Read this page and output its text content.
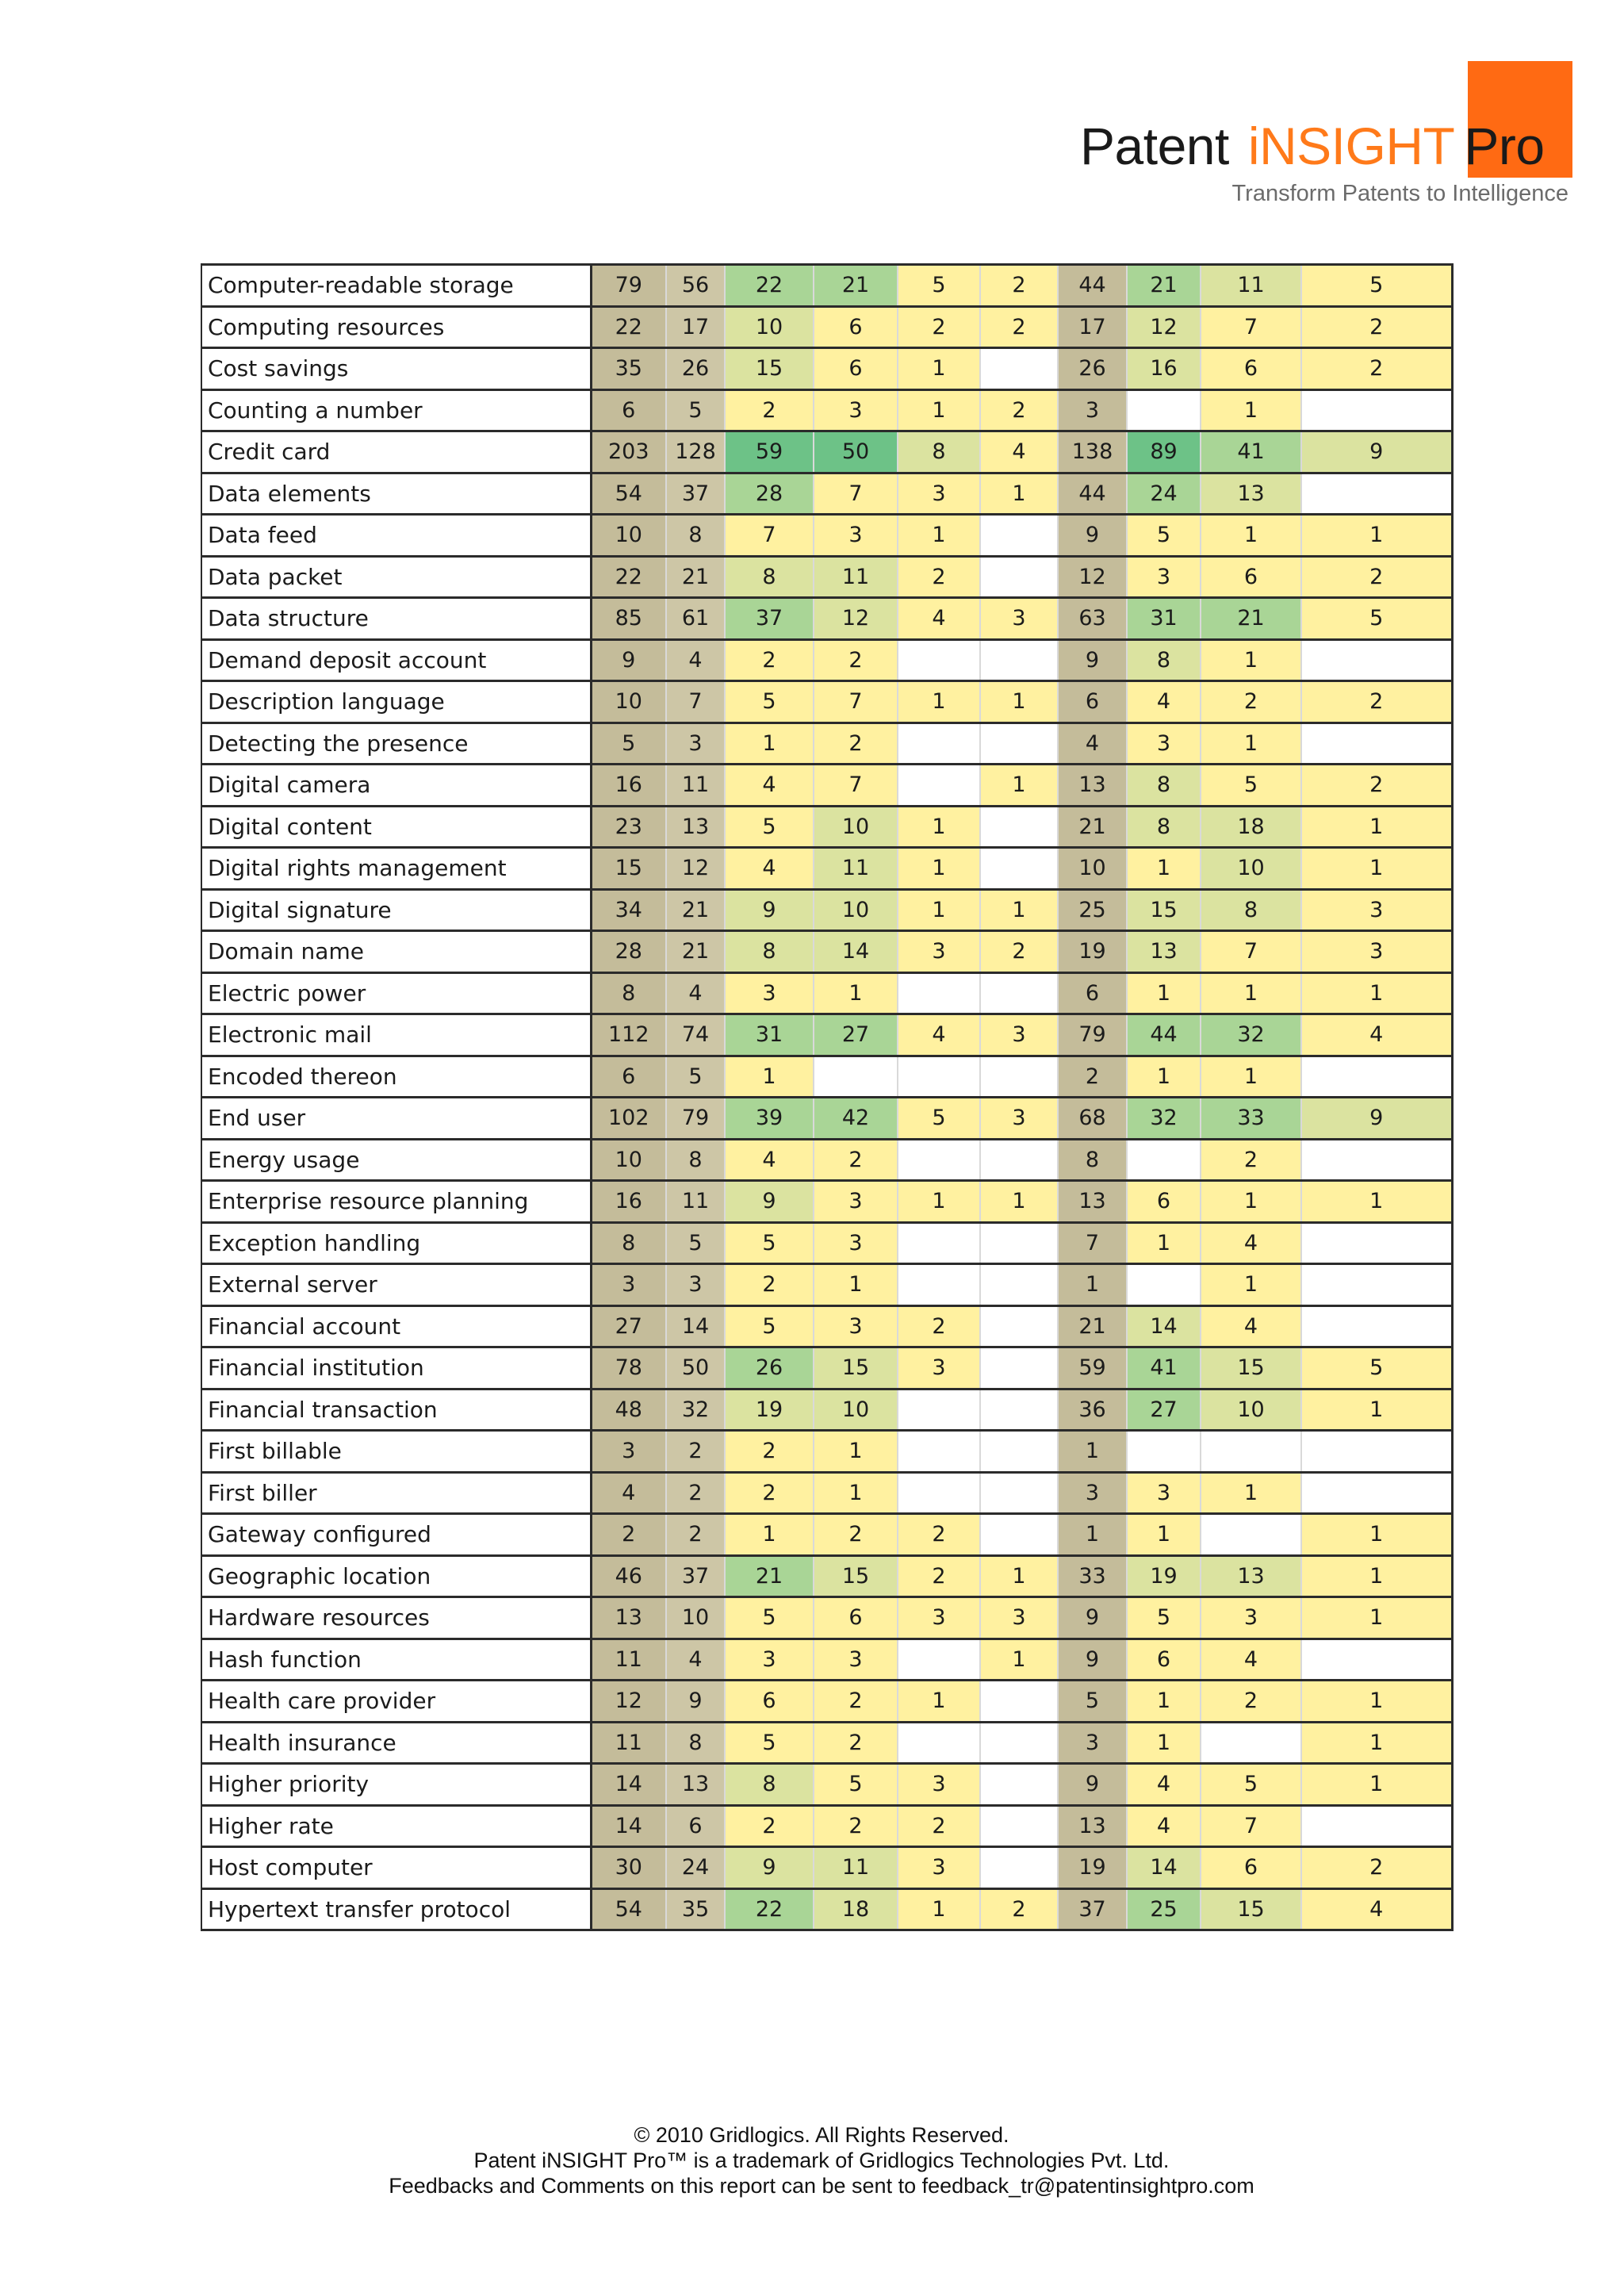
Patent iNSIGHT Pro
Transform Patents to Intelligence
Computer-readable storage	79	56	22	21	5	2	44	21	11	5
Computing resources	22	17	10	6	2	2	17	12	7	2
Cost savings	35	26	15	6	1		26	16	6	2
Counting a number	6	5	2	3	1	2	3		1	
Credit card	203	128	59	50	8	4	138	89	41	9
Data elements	54	37	28	7	3	1	44	24	13	
Data feed	10	8	7	3	1		9	5	1	1
Data packet	22	21	8	11	2		12	3	6	2
Data structure	85	61	37	12	4	3	63	31	21	5
Demand deposit account	9	4	2	2			9	8	1	
Description language	10	7	5	7	1	1	6	4	2	2
Detecting the presence	5	3	1	2			4	3	1	
Digital camera	16	11	4	7		1	13	8	5	2
Digital content	23	13	5	10	1		21	8	18	1
Digital rights management	15	12	4	11	1		10	1	10	1
Digital signature	34	21	9	10	1	1	25	15	8	3
Domain name	28	21	8	14	3	2	19	13	7	3
Electric power	8	4	3	1			6	1	1	1
Electronic mail	112	74	31	27	4	3	79	44	32	4
Encoded thereon	6	5	1				2	1	1	
End user	102	79	39	42	5	3	68	32	33	9
Energy usage	10	8	4	2			8		2	
Enterprise resource planning	16	11	9	3	1	1	13	6	1	1
Exception handling	8	5	5	3			7	1	4	
External server	3	3	2	1			1		1	
Financial account	27	14	5	3	2		21	14	4	
Financial institution	78	50	26	15	3		59	41	15	5
Financial transaction	48	32	19	10			36	27	10	1
First billable	3	2	2	1			1			
First biller	4	2	2	1			3	3	1	
Gateway configured	2	2	1	2	2		1	1		1
Geographic location	46	37	21	15	2	1	33	19	13	1
Hardware resources	13	10	5	6	3	3	9	5	3	1
Hash function	11	4	3	3		1	9	6	4	
Health care provider	12	9	6	2	1		5	1	2	1
Health insurance	11	8	5	2			3	1		1
Higher priority	14	13	8	5	3		9	4	5	1
Higher rate	14	6	2	2	2		13	4	7	
Host computer	30	24	9	11	3		19	14	6	2
Hypertext transfer protocol	54	35	22	18	1	2	37	25	15	4
© 2010 Gridlogics. All Rights Reserved.
Patent iNSIGHT Pro™ is a trademark of Gridlogics Technologies Pvt. Ltd.
Feedbacks and Comments on this report can be sent to feedback_tr@patentinsightpro.com
